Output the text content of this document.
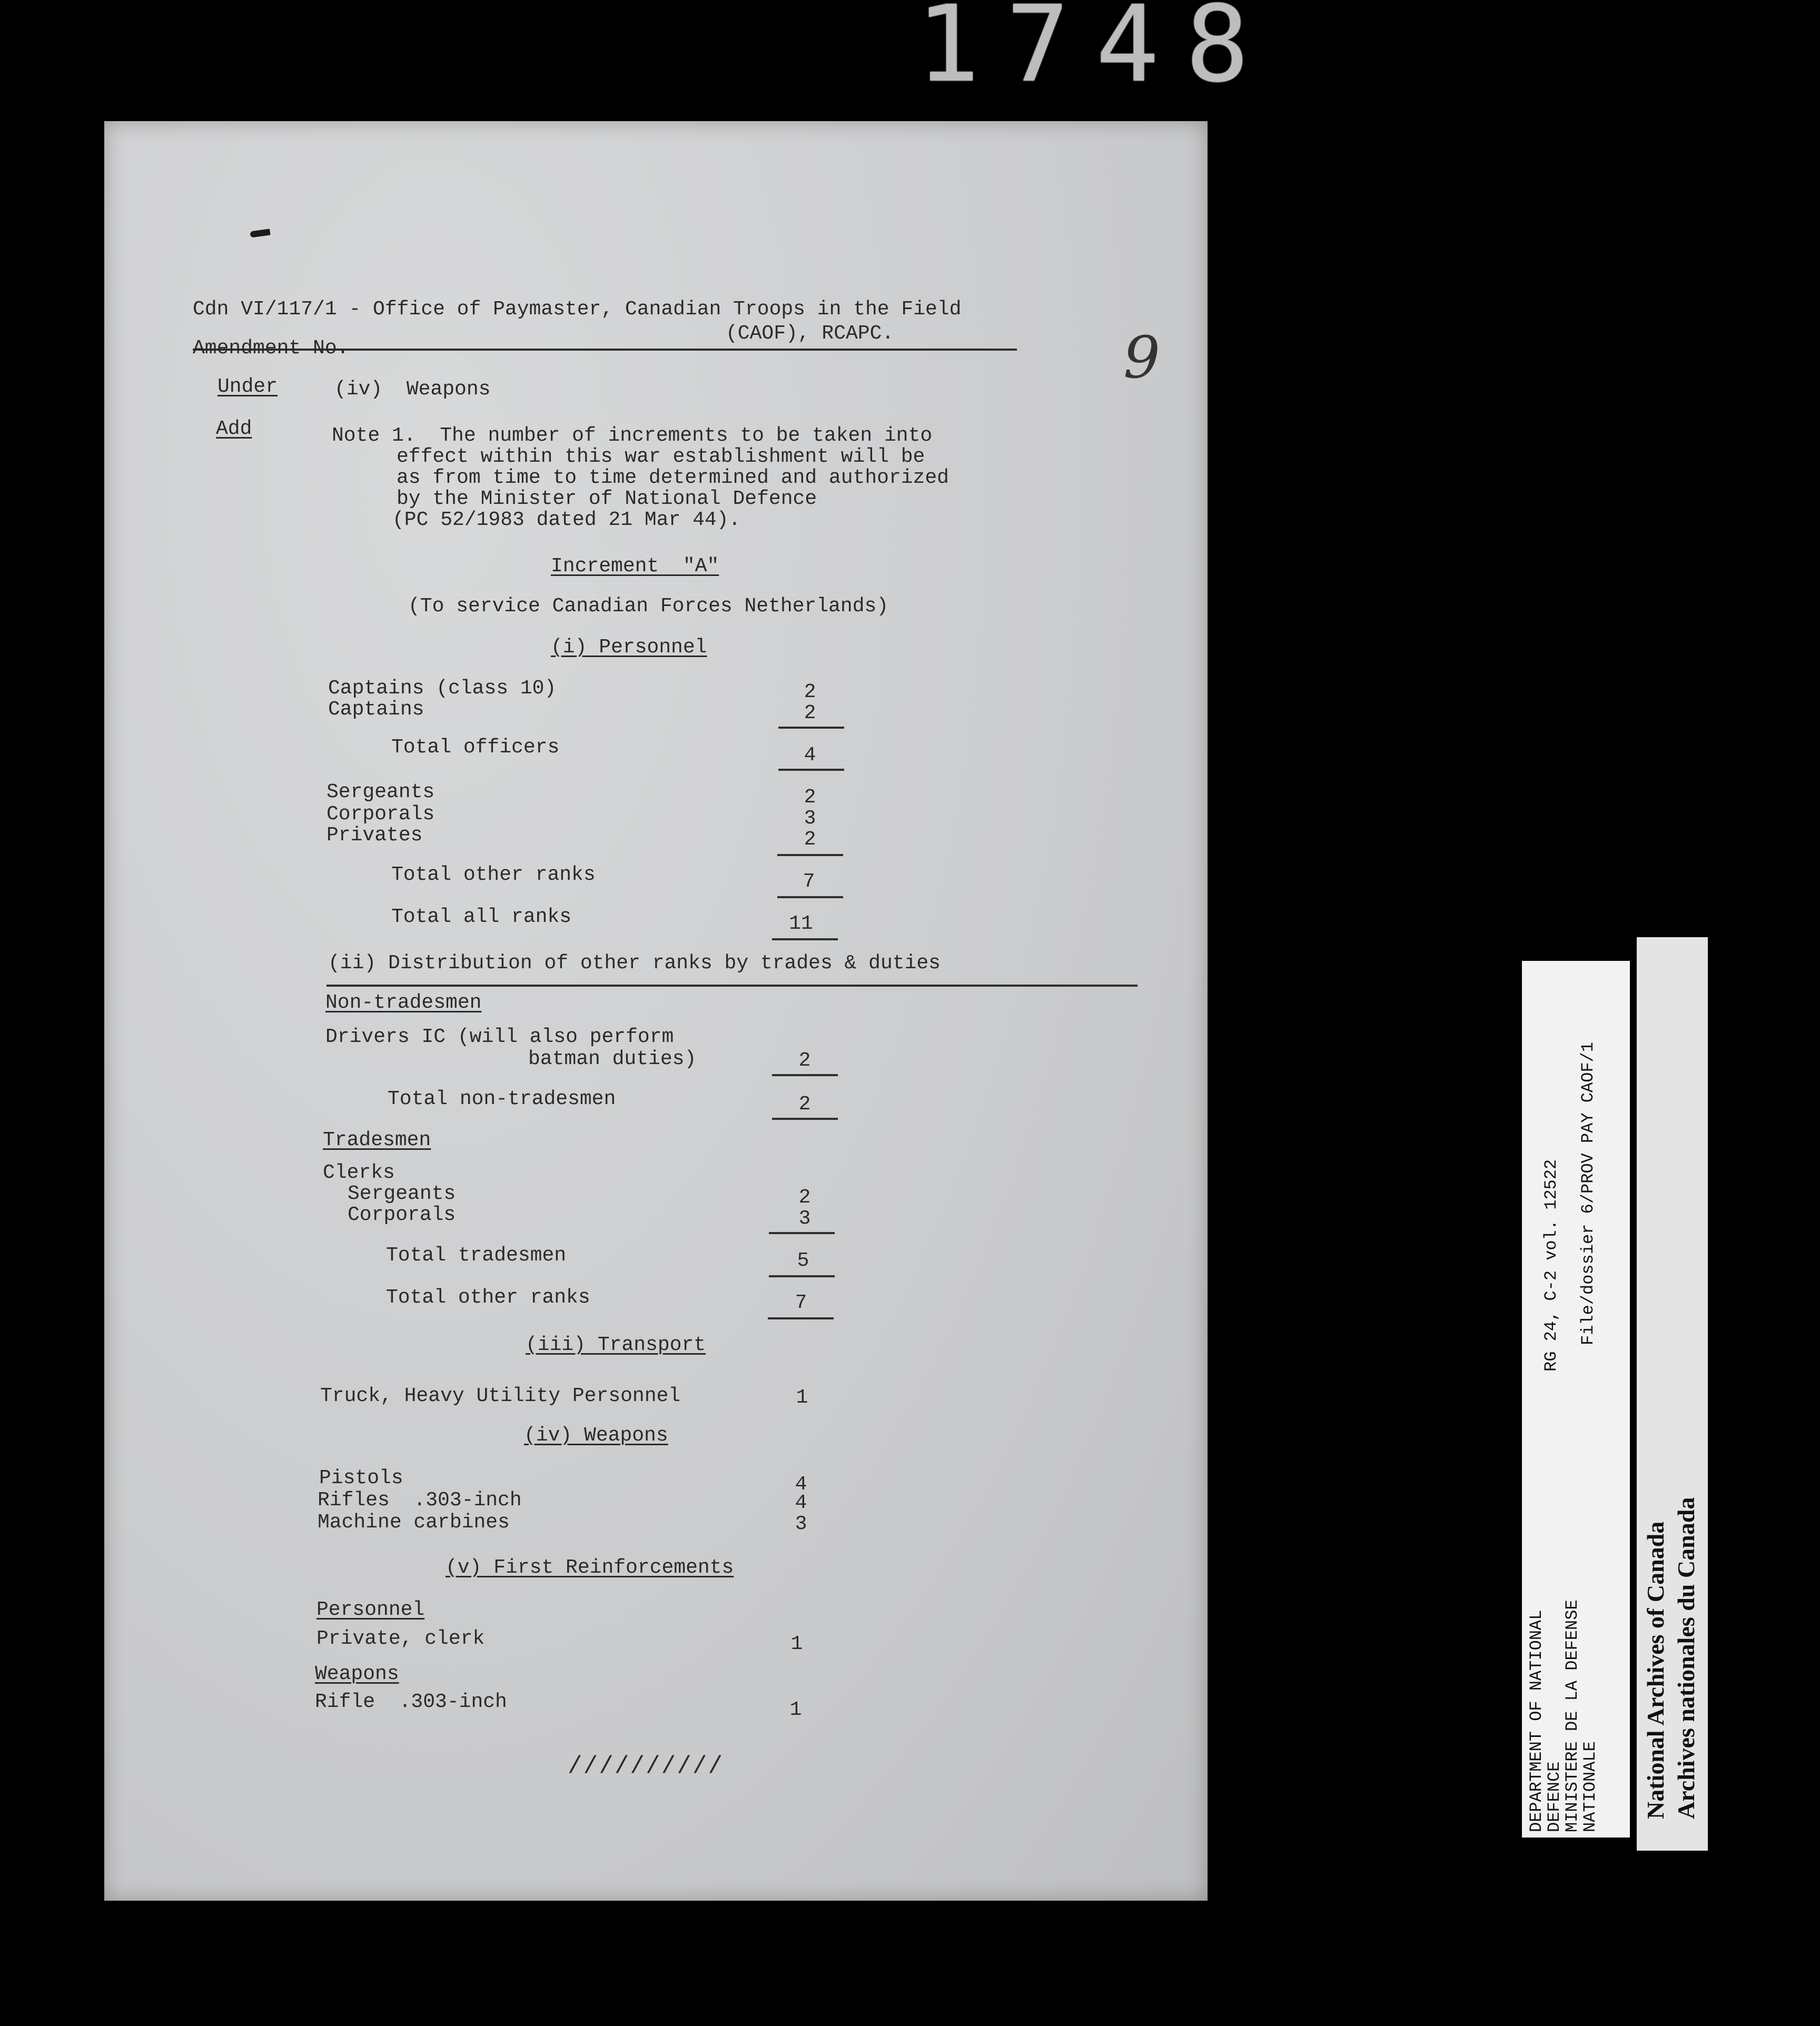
1748
9
Cdn VI/117/1 - Office of Paymaster, Canadian Troops in the Field
(CAOF), RCAPC.
Amendment No.
Under	(iv)  Weapons
Add	Note 1.  The number of increments to be taken into
effect within this war establishment will be
as from time to time determined and authorized
by the Minister of National Defence
(PC 52/1983 dated 21 Mar 44).
Increment  "A"
(To service Canadian Forces Netherlands)
(i) Personnel
Captains (class 10)	2
Captains	2
Total officers	4
Sergeants	2
Corporals	3
Privates	2
Total other ranks	7
Total all ranks	11
(ii) Distribution of other ranks by trades & duties
Non-tradesmen
Drivers IC (will also perform
batman duties)	2
Total non-tradesmen	2
Tradesmen
Clerks
Sergeants	2
Corporals	3
Total tradesmen	5
Total other ranks	7
(iii) Transport
Truck, Heavy Utility Personnel	1
(iv) Weapons
Pistols	4
Rifles  .303-inch	4
Machine carbines	3
(v) First Reinforcements
Personnel
Private, clerk	1
Weapons
Rifle  .303-inch	1
//////////	DEPARTMENT OF NATIONAL
DEFENCE
MINISTERE DE LA DEFENSE
NATIONALE
RG 24, C-2 vol. 12522 File/dossier 6/PROV PAY CAOF/1
National Archives of Canada Archives nationales du Canada
